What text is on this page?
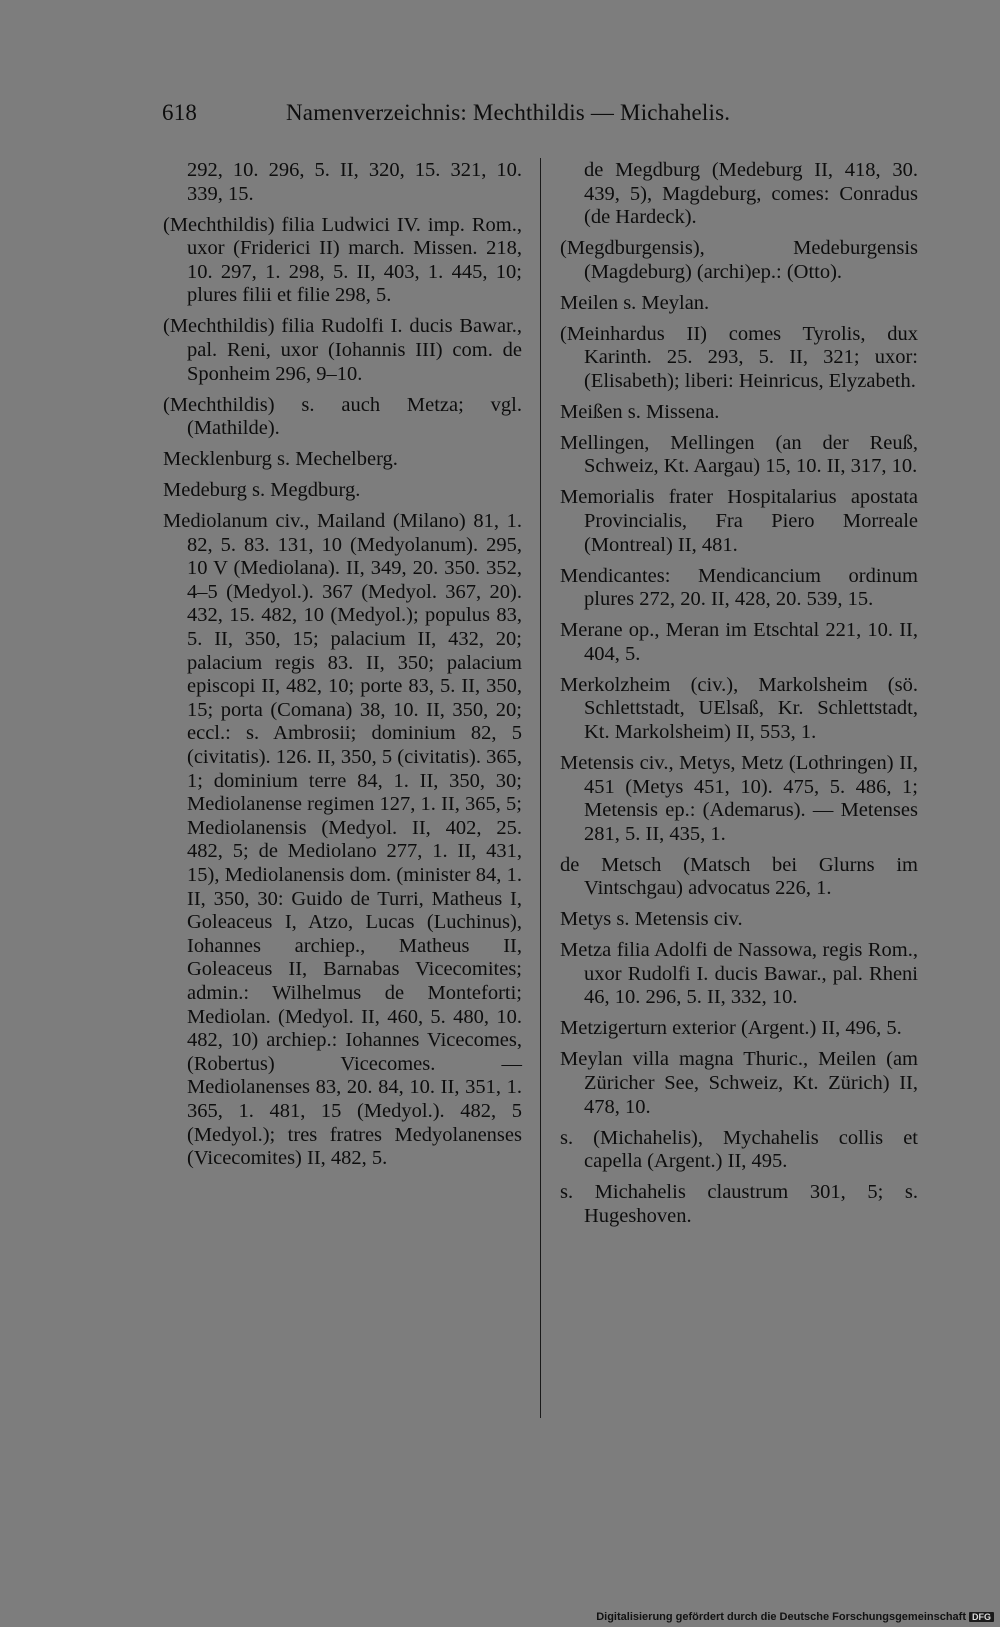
618	Namenverzeichnis: Mechthildis — Michahelis.

292, 10. 296, 5. II, 320, 15. 321, 10. 339, 15.

(Mechthildis) filia Ludwici IV. imp. Rom., uxor (Friderici II) march. Missen. 218, 10. 297, 1. 298, 5. II, 403, 1. 445, 10; plures filii et filie 298, 5.

(Mechthildis) filia Rudolfi I. ducis Bawar., pal. Reni, uxor (Iohannis III) com. de Sponheim 296, 9–10.

(Mechthildis) s. auch Metza; vgl. (Mathilde).

Mecklenburg s. Mechelberg.

Medeburg s. Megdburg.

Mediolanum civ., Mailand (Milano) 81, 1. 82, 5. 83. 131, 10 (Medyolanum). 295, 10 V (Mediolana). II, 349, 20. 350. 352, 4–5 (Medyol.). 367 (Medyol. 367, 20). 432, 15. 482, 10 (Medyol.); populus 83, 5. II, 350, 15; palacium II, 432, 20; palacium regis 83. II, 350; palacium episcopi II, 482, 10; porte 83, 5. II, 350, 15; porta (Comana) 38, 10. II, 350, 20; eccl.: s. Ambrosii; dominium 82, 5 (civitatis). 126. II, 350, 5 (civitatis). 365, 1; dominium terre 84, 1. II, 350, 30; Mediolanense regimen 127, 1. II, 365, 5; Mediolanensis (Medyol. II, 402, 25. 482, 5; de Mediolano 277, 1. II, 431, 15), Mediolanensis dom. (minister 84, 1. II, 350, 30: Guido de Turri, Matheus I, Goleaceus I, Atzo, Lucas (Luchinus), Iohannes archiep., Matheus II, Goleaceus II, Barnabas Vicecomites; admin.: Wilhelmus de Monteforti; Mediolan. (Medyol. II, 460, 5. 480, 10. 482, 10) archiep.: Iohannes Vicecomes, (Robertus) Vicecomes. — Mediolanenses 83, 20. 84, 10. II, 351, 1. 365, 1. 481, 15 (Medyol.). 482, 5 (Medyol.); tres fratres Medyolanenses (Vicecomites) II, 482, 5.

de Megdburg (Medeburg II, 418, 30. 439, 5), Magdeburg, comes: Conradus (de Hardeck).

(Megdburgensis), Medeburgensis (Magdeburg) (archi)ep.: (Otto).

Meilen s. Meylan.

(Meinhardus II) comes Tyrolis, dux Karinth. 25. 293, 5. II, 321; uxor: (Elisabeth); liberi: Heinricus, Elyzabeth.

Meißen s. Missena.

Mellingen, Mellingen (an der Reuß, Schweiz, Kt. Aargau) 15, 10. II, 317, 10.

Memorialis frater Hospitalarius apostata Provincialis, Fra Piero Morreale (Montreal) II, 481.

Mendicantes: Mendicancium ordinum plures 272, 20. II, 428, 20. 539, 15.

Merane op., Meran im Etschtal 221, 10. II, 404, 5.

Merkolzheim (civ.), Markolsheim (sö. Schlettstadt, UElsaß, Kr. Schlettstadt, Kt. Markolsheim) II, 553, 1.

Metensis civ., Metys, Metz (Lothringen) II, 451 (Metys 451, 10). 475, 5. 486, 1; Metensis ep.: (Ademarus). — Metenses 281, 5. II, 435, 1.

de Metsch (Matsch bei Glurns im Vintschgau) advocatus 226, 1.

Metys s. Metensis civ.

Metza filia Adolfi de Nassowa, regis Rom., uxor Rudolfi I. ducis Bawar., pal. Rheni 46, 10. 296, 5. II, 332, 10.

Metzigerturn exterior (Argent.) II, 496, 5.

Meylan villa magna Thuric., Meilen (am Züricher See, Schweiz, Kt. Zürich) II, 478, 10.

s. (Michahelis), Mychahelis collis et capella (Argent.) II, 495.

s. Michahelis claustrum 301, 5; s. Hugeshoven.

Digitalisierung gefördert durch die Deutsche Forschungsgemeinschaft DFG
